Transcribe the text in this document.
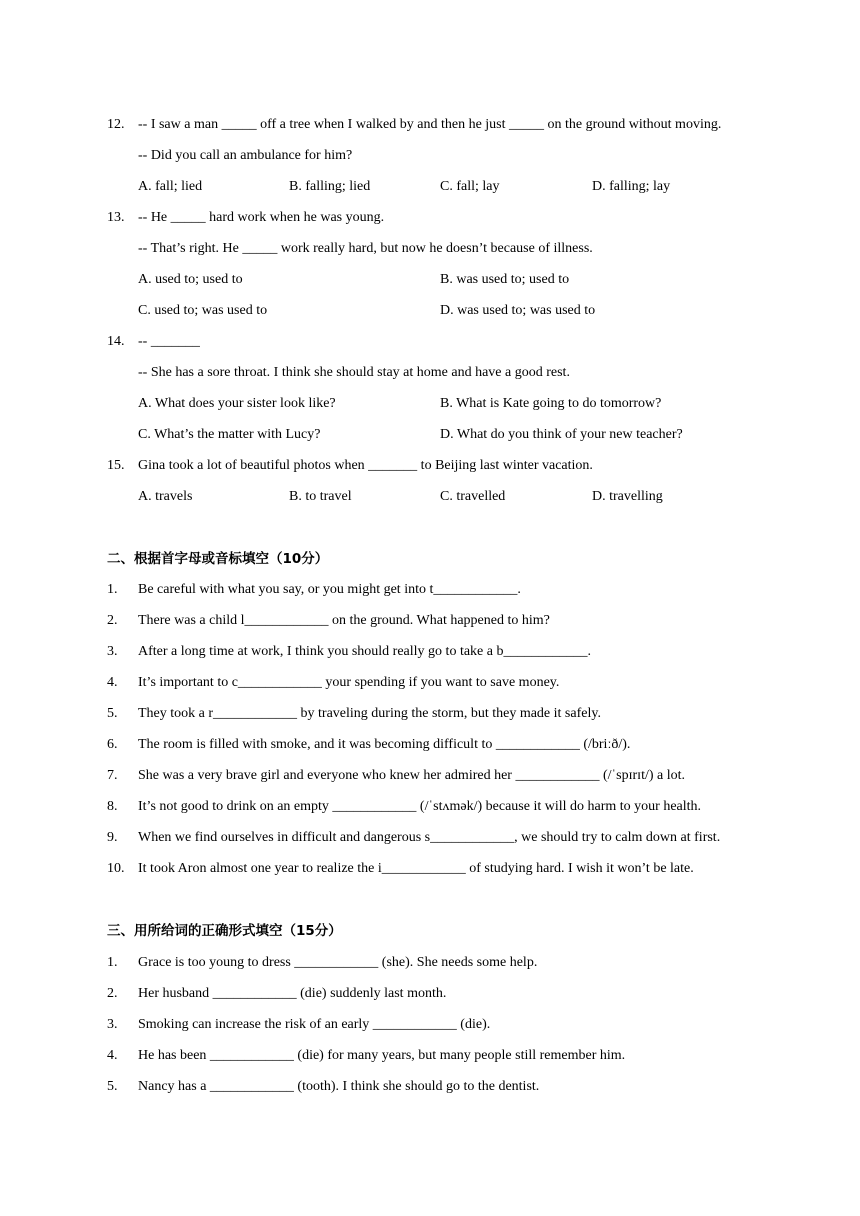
12. -- I saw a man _____ off a tree when I walked by and then he just _____ on the ground without moving.
-- Did you call an ambulance for him?
A. fall; lied	B. falling; lied	C. fall; lay	D. falling; lay
13. -- He _____ hard work when he was young.
-- That’s right. He _____ work really hard, but now he doesn’t because of illness.
A. used to; used to	B. was used to; used to
C. used to; was used to	D. was used to; was used to
14. -- _______
-- She has a sore throat. I think she should stay at home and have a good rest.
A. What does your sister look like?	B. What is Kate going to do tomorrow?
C. What’s the matter with Lucy?	D. What do you think of your new teacher?
15. Gina took a lot of beautiful photos when _______ to Beijing last winter vacation.
A. travels	B. to travel	C. travelled	D. travelling
二、根据首字母或音标填空（10分）
1. Be careful with what you say, or you might get into t____________.
2. There was a child l____________ on the ground. What happened to him?
3. After a long time at work, I think you should really go to take a b____________.
4. It’s important to c____________ your spending if you want to save money.
5. They took a r____________ by traveling during the storm, but they made it safely.
6. The room is filled with smoke, and it was becoming difficult to ____________ (/briːð/).
7. She was a very brave girl and everyone who knew her admired her ____________ (/ˈspɪrɪt/) a lot.
8. It’s not good to drink on an empty ____________ (/ˈstʌmək/) because it will do harm to your health.
9. When we find ourselves in difficult and dangerous s____________, we should try to calm down at first.
10. It took Aron almost one year to realize the i____________ of studying hard. I wish it won’t be late.
三、用所给词的正确形式填空（15分）
1. Grace is too young to dress ____________ (she). She needs some help.
2. Her husband ____________ (die) suddenly last month.
3. Smoking can increase the risk of an early ____________ (die).
4. He has been ____________ (die) for many years, but many people still remember him.
5. Nancy has a ____________ (tooth). I think she should go to the dentist.
